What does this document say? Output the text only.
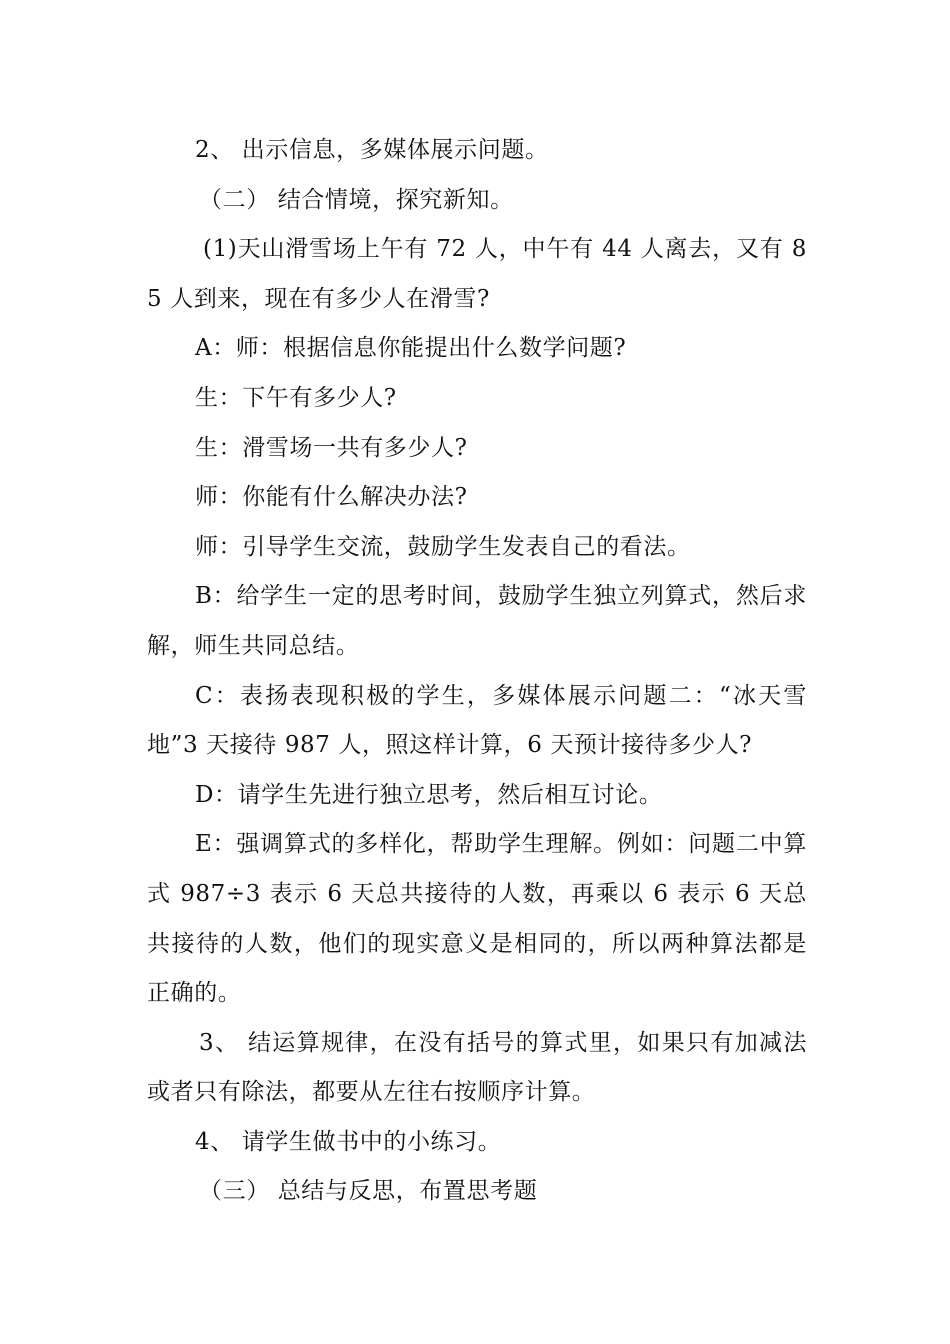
2、 出示信息，多媒体展示问题。

（二） 结合情境，探究新知。

(1)天山滑雪场上午有 72 人，中午有 44 人离去，又有 85 人到来，现在有多少人在滑雪?

A：师：根据信息你能提出什么数学问题?

生：下午有多少人?

生：滑雪场一共有多少人?

师：你能有什么解决办法?

师：引导学生交流，鼓励学生发表自己的看法。

B：给学生一定的思考时间，鼓励学生独立列算式，然后求解，师生共同总结。

C：表扬表现积极的学生，多媒体展示问题二：“冰天雪地”3 天接待 987 人，照这样计算，6 天预计接待多少人?

D：请学生先进行独立思考，然后相互讨论。

E：强调算式的多样化，帮助学生理解。例如：问题二中算式 987÷3 表示 6 天总共接待的人数，再乘以 6 表示 6 天总共接待的人数，他们的现实意义是相同的，所以两种算法都是正确的。

3、 结运算规律，在没有括号的算式里，如果只有加减法或者只有除法，都要从左往右按顺序计算。

4、 请学生做书中的小练习。

（三） 总结与反思，布置思考题
